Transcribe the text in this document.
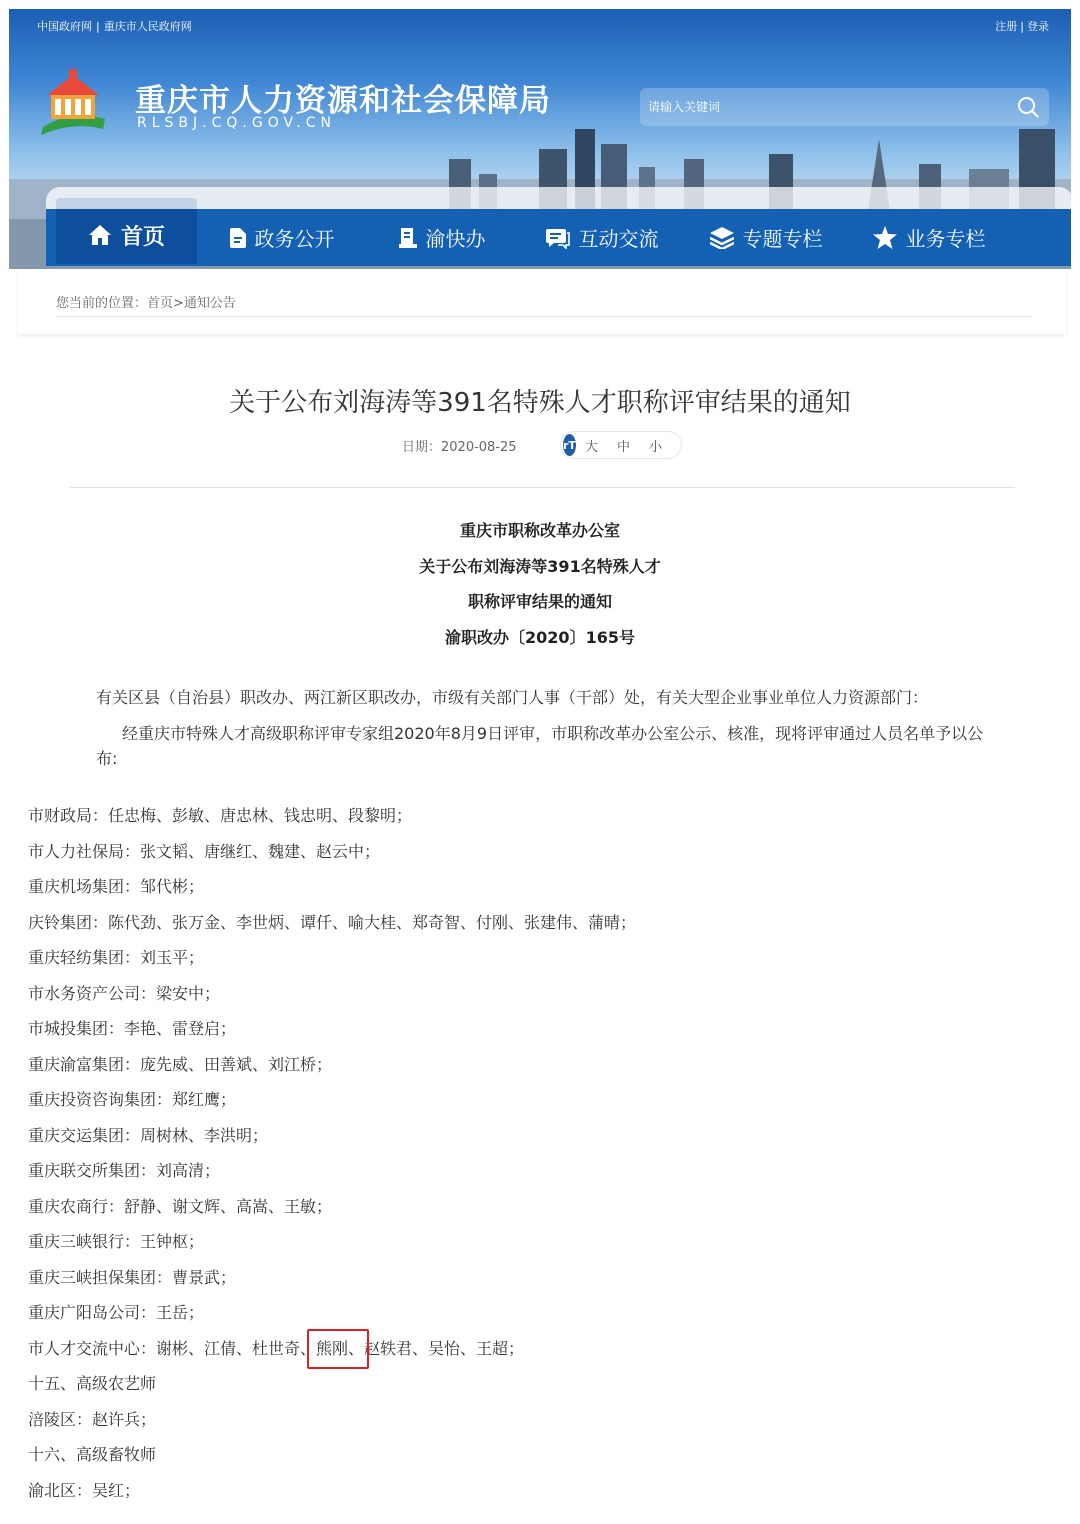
中国政府网 | 重庆市人民政府网	注册 | 登录
重庆市人力资源和社会保障局
RLSBJ.CQ.GOV.CN
请输入关键词
首页	政务公开	渝快办	互动交流	专题专栏	业务专栏
您当前的位置：首页>通知公告
关于公布刘海涛等391名特殊人才职称评审结果的通知
日期：2020-08-25	rT 大 中 小
重庆市职称改革办公室
关于公布刘海涛等391名特殊人才
职称评审结果的通知
渝职改办〔2020〕165号

有关区县（自治县）职改办、两江新区职改办，市级有关部门人事（干部）处，有关大型企业事业单位人力资源部门：

经重庆市特殊人才高级职称评审专家组2020年8月9日评审，市职称改革办公室公示、核准，现将评审通过人员名单予以公布:

市财政局：任忠梅、彭敏、唐忠林、钱忠明、段黎明；
市人力社保局：张文韬、唐继红、魏建、赵云中；
重庆机场集团：邹代彬；
庆铃集团：陈代劲、张万金、李世炳、谭仟、喻大桂、郑奇智、付刚、张建伟、蒲晴；
重庆轻纺集团：刘玉平；
市水务资产公司：梁安中；
市城投集团：李艳、雷登启；
重庆渝富集团：庞先威、田善斌、刘江桥；
重庆投资咨询集团：郑红鹰；
重庆交运集团：周树林、李洪明；
重庆联交所集团：刘高清；
重庆农商行：舒静、谢文辉、高嵩、王敏；
重庆三峡银行：王钟枢；
重庆三峡担保集团：曹景武；
重庆广阳岛公司：王岳；
市人才交流中心：谢彬、江倩、杜世奇、
熊刚、赵轶君、吴怡、王超；
十五、高级农艺师
涪陵区：赵许兵；
十六、高级畜牧师
渝北区：吴红；
